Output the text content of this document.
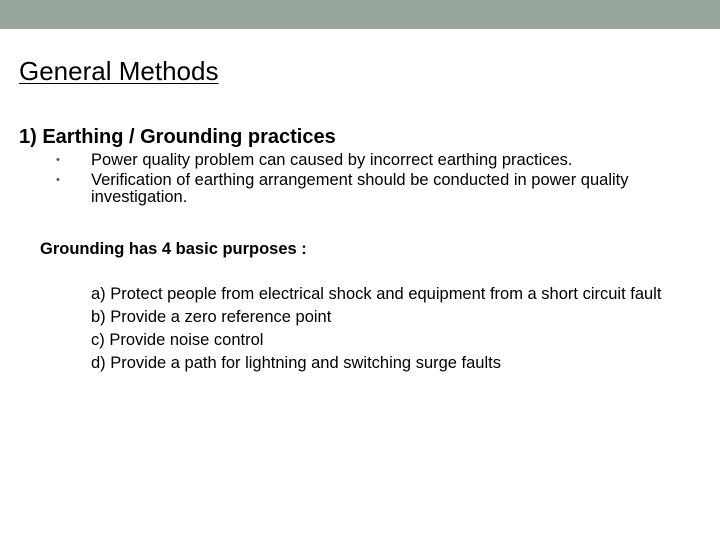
General Methods
1) Earthing / Grounding practices
• Power quality problem can caused by incorrect earthing practices.
• Verification of earthing arrangement should be conducted in power quality investigation.
Grounding has 4 basic purposes :
a) Protect people from electrical shock and equipment from a short circuit fault
b) Provide a zero reference point
c) Provide noise control
d) Provide a path for lightning and switching surge faults
